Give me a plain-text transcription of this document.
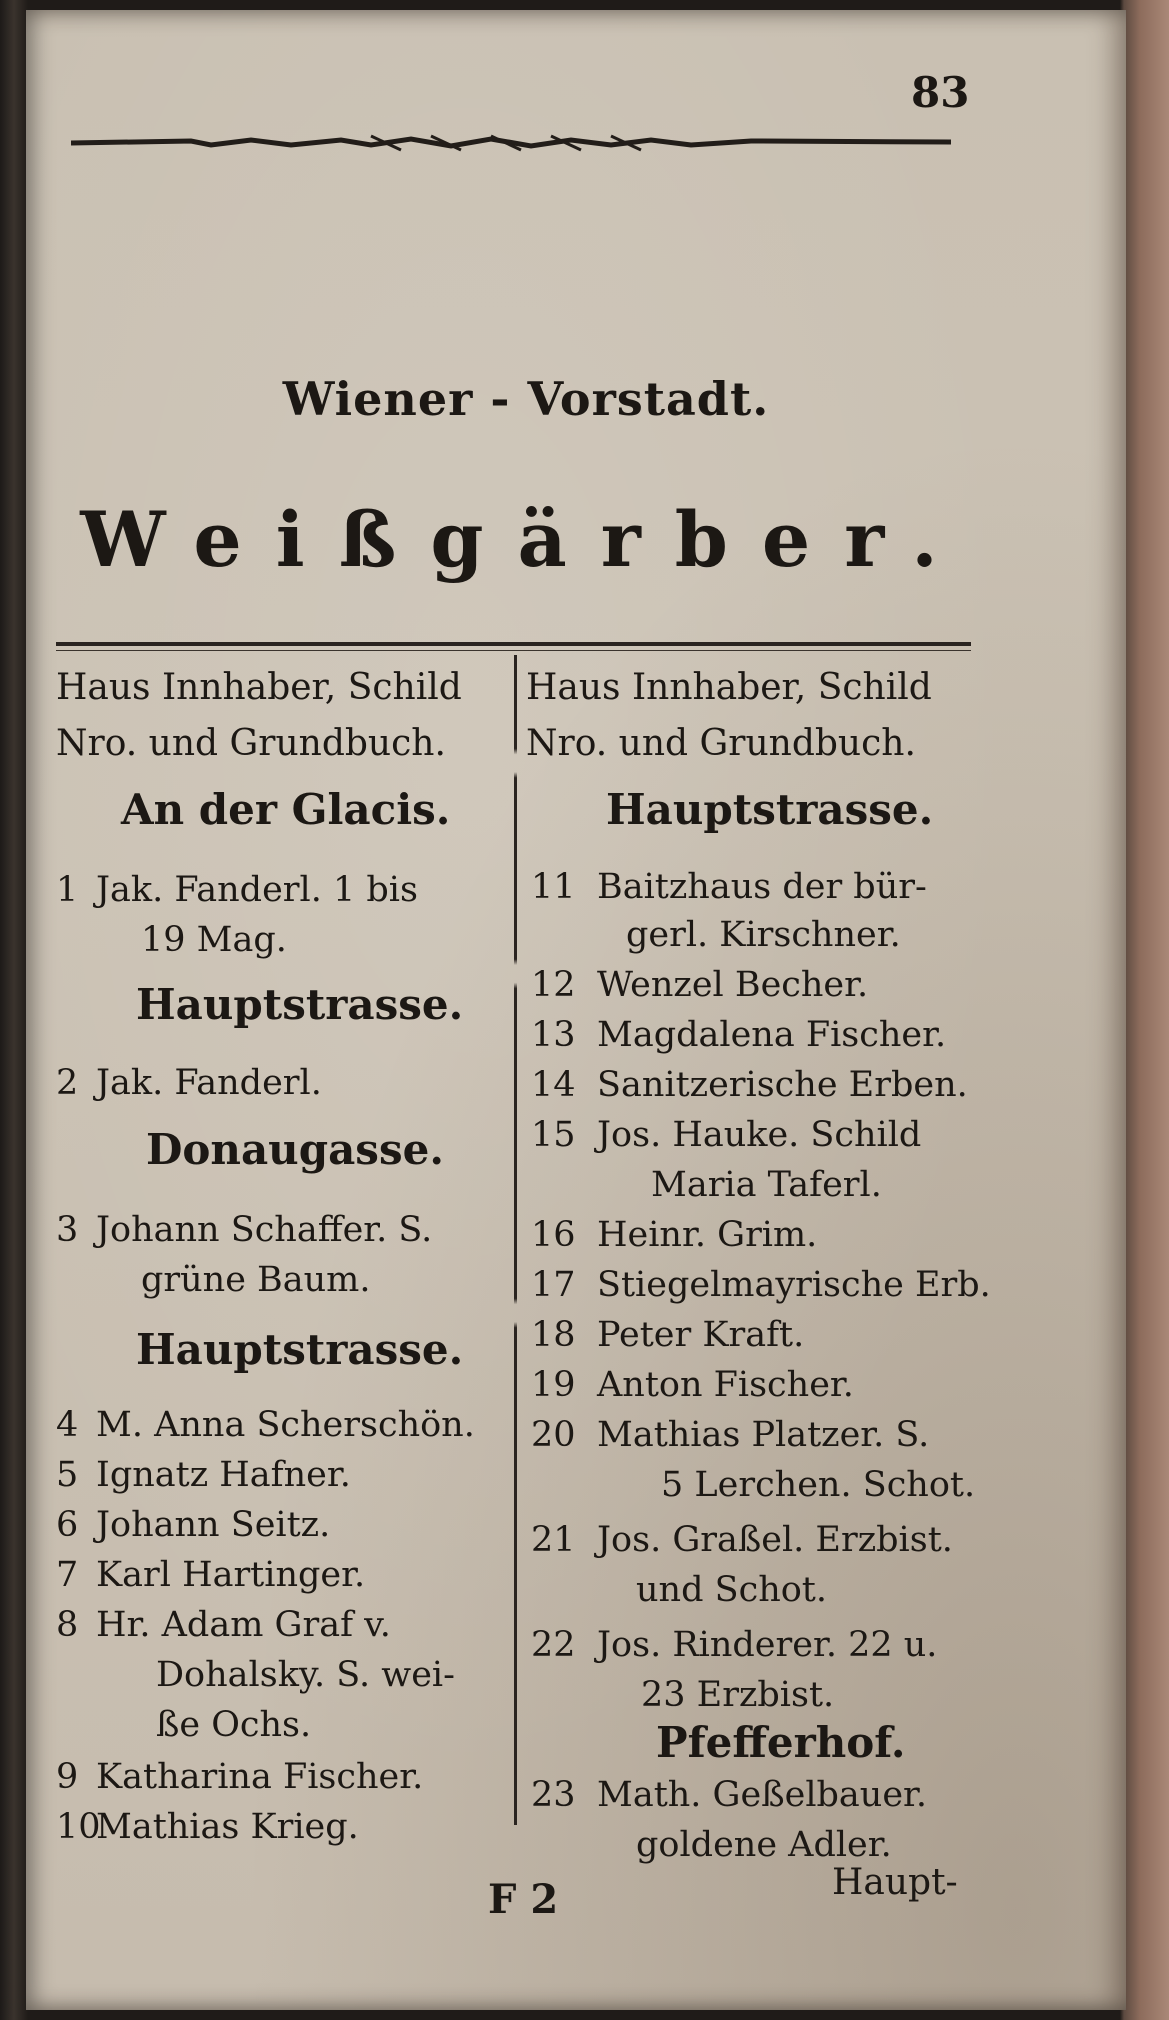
83
Wiener - Vorstadt.
Weißgärber.
Haus Innhaber, Schild
Nro. und Grundbuch.
Haus Innhaber, Schild
Nro. und Grundbuch.
An der Glacis.
1 Jak. Fanderl. 1 bis
19 Mag.
Hauptstrasse.
2 Jak. Fanderl.
Donaugasse.
3 Johann Schaffer. S.
grüne Baum.
Hauptstrasse.
4 M. Anna Scherschön.
5 Ignatz Hafner.
6 Johann Seitz.
7 Karl Hartinger.
8 Hr. Adam Graf v.
Dohalsky. S. wei-
ße Ochs.
9 Katharina Fischer.
10Mathias Krieg.
Hauptstrasse.
11 Baitzhaus der bür-
gerl. Kirschner.
12 Wenzel Becher.
13 Magdalena Fischer.
14 Sanitzerische Erben.
15 Jos. Hauke. Schild
Maria Taferl.
16 Heinr. Grim.
17 Stiegelmayrische Erb.
18 Peter Kraft.
19 Anton Fischer.
20 Mathias Platzer. S.
5 Lerchen. Schot.
21 Jos. Graßel. Erzbist.
und Schot.
22 Jos. Rinderer. 22 u.
23 Erzbist.
Pfefferhof.
23 Math. Geßelbauer.
goldene Adler.
F 2	Haupt-
